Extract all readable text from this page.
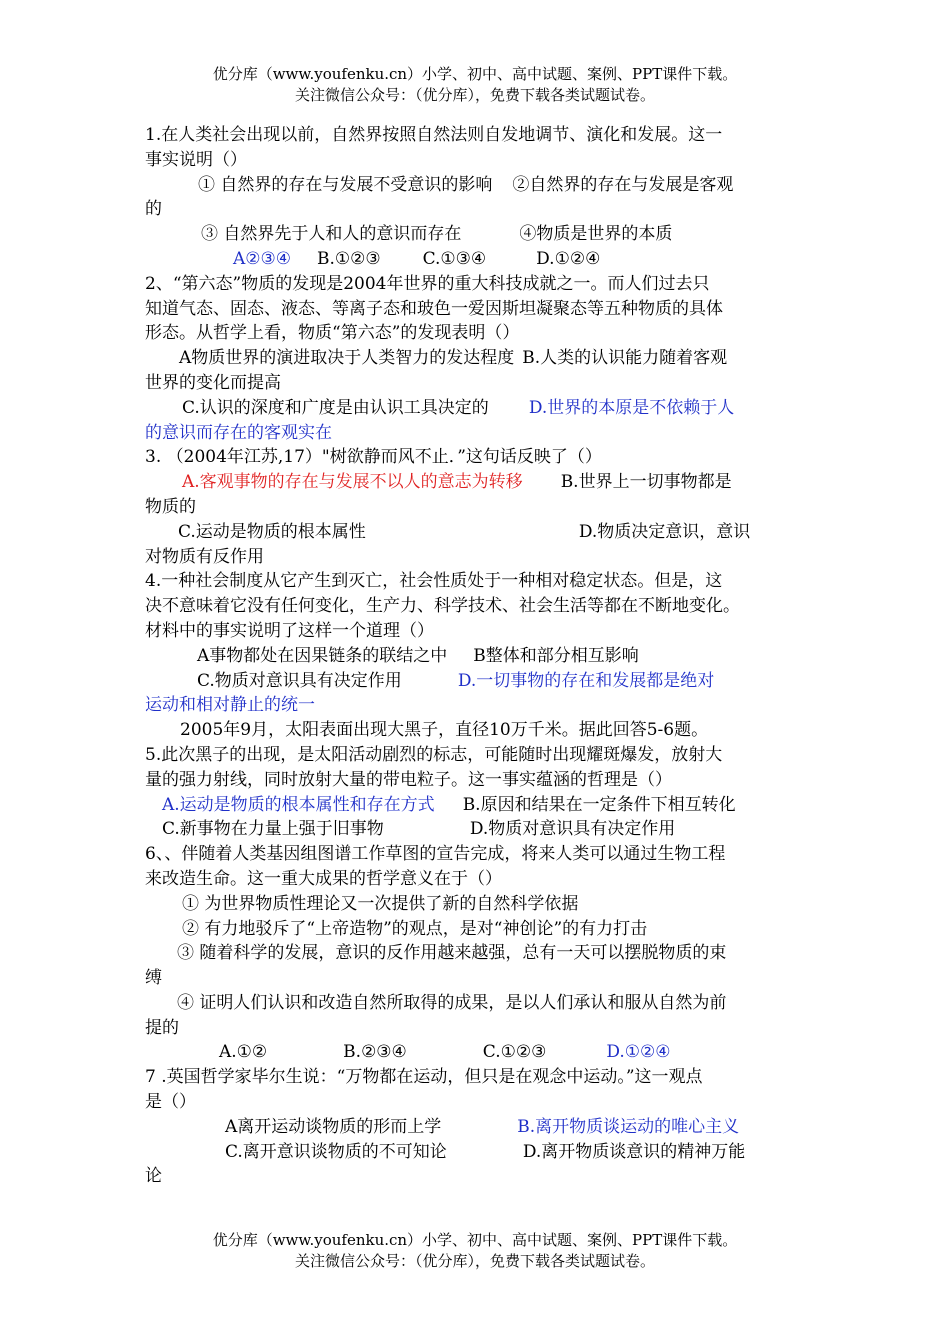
优分库（www.youfenku.cn）小学、初中、高中试题、案例、PPT课件下载。
关注微信公众号：（优分库），免费下载各类试题试卷。
1.在人类社会出现以前，自然界按照自然法则自发地调节、演化和发展。这一
事实说明（）
① 自然界的存在与发展不受意识的影响 ②自然界的存在与发展是客观
的
③ 自然界先于人和人的意识而存在	④物质是世界的本质
A②③④ B.①②③ C.①③④	D.①②④
2、“第六态”物质的发现是2004年世界的重大科技成就之一。而人们过去只
知道气态、固态、液态、等离子态和玻色一爱因斯坦凝聚态等五种物质的具体
形态。从哲学上看，物质“第六态”的发现表明（）
A物质世界的演进取决于人类智力的发达程度 B.人类的认识能力随着客观
世界的变化而提高
C.认识的深度和广度是由认识工具决定的 D.世界的本原是不依赖于人
的意识而存在的客观实在
3. （2004年江苏,17）"树欲静而风不止．”这句话反映了（）
A.客观事物的存在与发展不以人的意志为转移 B.世界上一切事物都是
物质的
C.运动是物质的根本属性	D.物质决定意识，意识
对物质有反作用
4.一种社会制度从它产生到灭亡，社会性质处于一种相对稳定状态。但是，这
决不意味着它没有任何变化，生产力、科学技术、社会生活等都在不断地变化。
材料中的事实说明了这样一个道理（）
A事物都处在因果链条的联结之中 B整体和部分相互影响
C.物质对意识具有决定作用	D.一切事物的存在和发展都是绝对
运动和相对静止的统一
2005年9月，太阳表面出现大黑子，直径10万千米。据此回答5-6题。
5.此次黑子的出现，是太阳活动剧烈的标志，可能随时出现耀斑爆发，放射大
量的强力射线，同时放射大量的带电粒子。这一事实蕴涵的哲理是（）
A.运动是物质的根本属性和存在方式 B.原因和结果在一定条件下相互转化
C.新事物在力量上强于旧事物	D.物质对意识具有决定作用
6、、伴随着人类基因组图谱工作草图的宣告完成，将来人类可以通过生物工程
来改造生命。这一重大成果的哲学意义在于（）
① 为世界物质性理论又一次提供了新的自然科学依据
② 有力地驳斥了“上帝造物”的观点，是对“神创论”的有力打击
③ 随着科学的发展，意识的反作用越来越强，总有一天可以摆脱物质的束
缚
④ 证明人们认识和改造自然所取得的成果，是以人们承认和服从自然为前
提的
A.①②	B.②③④	C.①②③	D.①②④
7 .英国哲学家毕尔生说：“万物都在运动，但只是在观念中运动。”这一观点
是（）
A离开运动谈物质的形而上学	B.离开物质谈运动的唯心主义
C.离开意识谈物质的不可知论	D.离开物质谈意识的精神万能
论
优分库（www.youfenku.cn）小学、初中、高中试题、案例、PPT课件下载。
关注微信公众号：（优分库），免费下载各类试题试卷。
